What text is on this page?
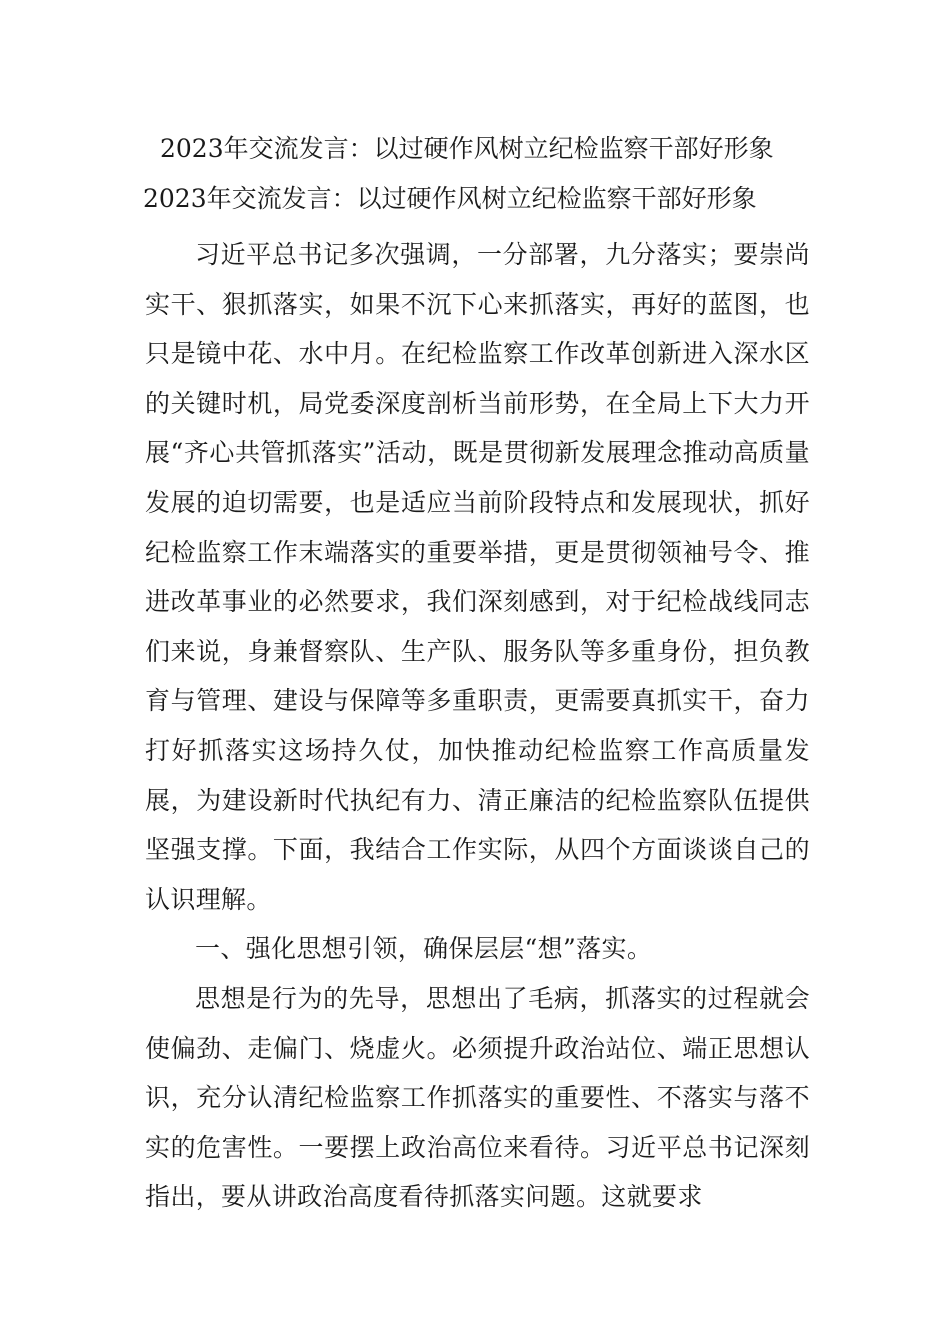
2023年交流发言：以过硬作风树立纪检监察干部好形象
2023年交流发言：以过硬作风树立纪检监察干部好形象

习近平总书记多次强调，一分部署，九分落实；要崇尚实干、狠抓落实，如果不沉下心来抓落实，再好的蓝图，也只是镜中花、水中月。在纪检监察工作改革创新进入深水区的关键时机，局党委深度剖析当前形势，在全局上下大力开展“齐心共管抓落实”活动，既是贯彻新发展理念推动高质量发展的迫切需要，也是适应当前阶段特点和发展现状，抓好纪检监察工作末端落实的重要举措，更是贯彻领袖号令、推进改革事业的必然要求，我们深刻感到，对于纪检战线同志们来说，身兼督察队、生产队、服务队等多重身份，担负教育与管理、建设与保障等多重职责，更需要真抓实干，奋力打好抓落实这场持久仗，加快推动纪检监察工作高质量发展，为建设新时代执纪有力、清正廉洁的纪检监察队伍提供坚强支撑。下面，我结合工作实际，从四个方面谈谈自己的认识理解。

一、强化思想引领，确保层层“想”落实。

思想是行为的先导，思想出了毛病，抓落实的过程就会使偏劲、走偏门、烧虚火。必须提升政治站位、端正思想认识，充分认清纪检监察工作抓落实的重要性、不落实与落不实的危害性。一要摆上政治高位来看待。习近平总书记深刻指出，要从讲政治高度看待抓落实问题。这就要求
